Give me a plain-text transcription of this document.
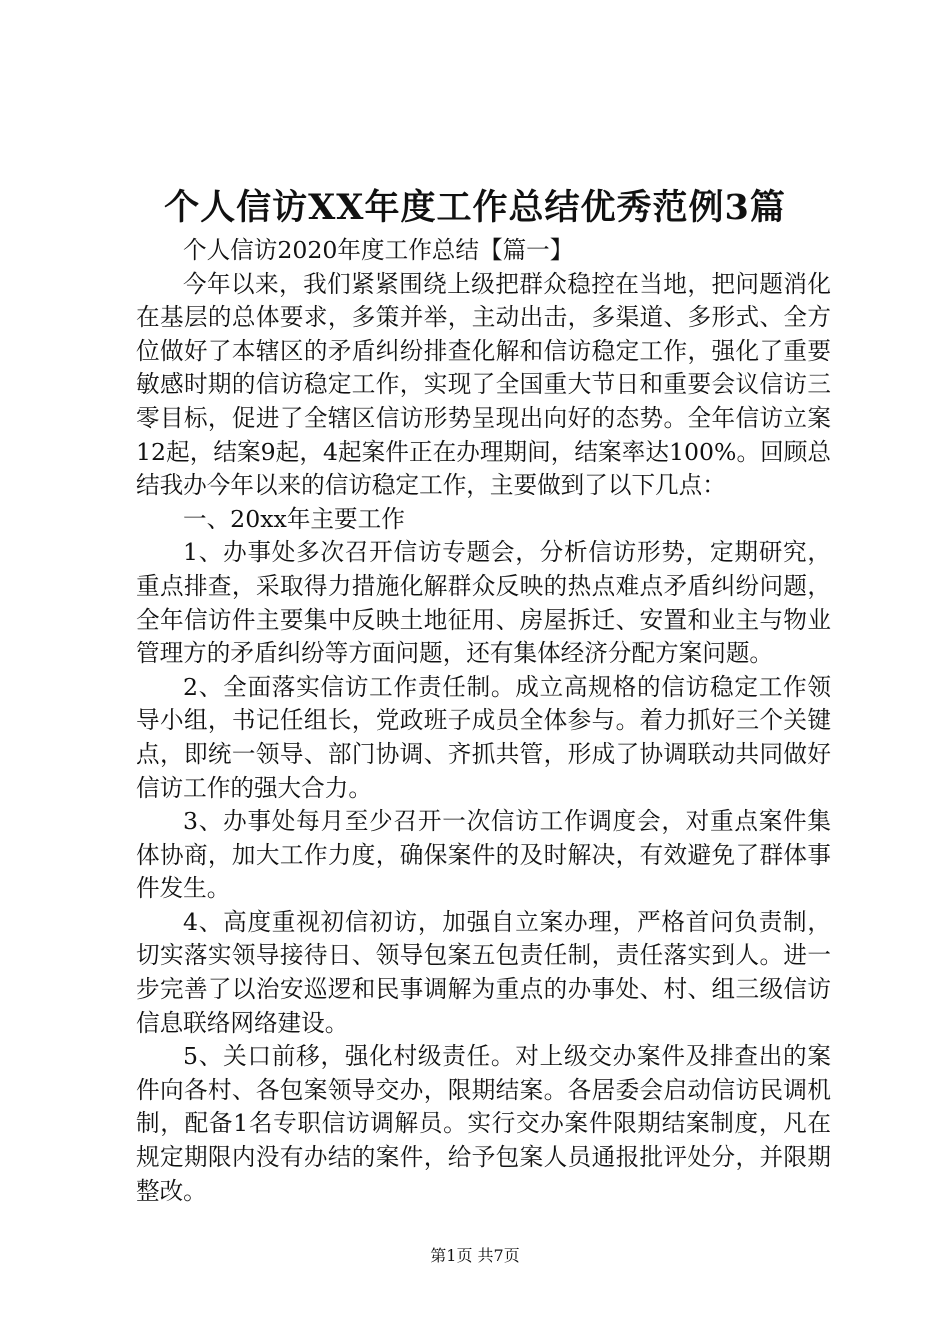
个人信访XX年度工作总结优秀范例3篇

个人信访2020年度工作总结【篇一】

今年以来，我们紧紧围绕上级把群众稳控在当地，把问题消化在基层的总体要求，多策并举，主动出击，多渠道、多形式、全方位做好了本辖区的矛盾纠纷排查化解和信访稳定工作，强化了重要敏感时期的信访稳定工作，实现了全国重大节日和重要会议信访三零目标，促进了全辖区信访形势呈现出向好的态势。全年信访立案12起，结案9起，4起案件正在办理期间，结案率达100%。回顾总结我办今年以来的信访稳定工作，主要做到了以下几点：

一、20xx年主要工作

1、办事处多次召开信访专题会，分析信访形势，定期研究，重点排查，采取得力措施化解群众反映的热点难点矛盾纠纷问题，全年信访件主要集中反映土地征用、房屋拆迁、安置和业主与物业管理方的矛盾纠纷等方面问题，还有集体经济分配方案问题。

2、全面落实信访工作责任制。成立高规格的信访稳定工作领导小组，书记任组长，党政班子成员全体参与。着力抓好三个关键点，即统一领导、部门协调、齐抓共管，形成了协调联动共同做好信访工作的强大合力。

3、办事处每月至少召开一次信访工作调度会，对重点案件集体协商，加大工作力度，确保案件的及时解决，有效避免了群体事件发生。

4、高度重视初信初访，加强自立案办理，严格首问负责制，切实落实领导接待日、领导包案五包责任制，责任落实到人。进一步完善了以治安巡逻和民事调解为重点的办事处、村、组三级信访信息联络网络建设。

5、关口前移，强化村级责任。对上级交办案件及排查出的案件向各村、各包案领导交办，限期结案。各居委会启动信访民调机制，配备1名专职信访调解员。实行交办案件限期结案制度，凡在规定期限内没有办结的案件，给予包案人员通报批评处分，并限期整改。

第1页 共7页
